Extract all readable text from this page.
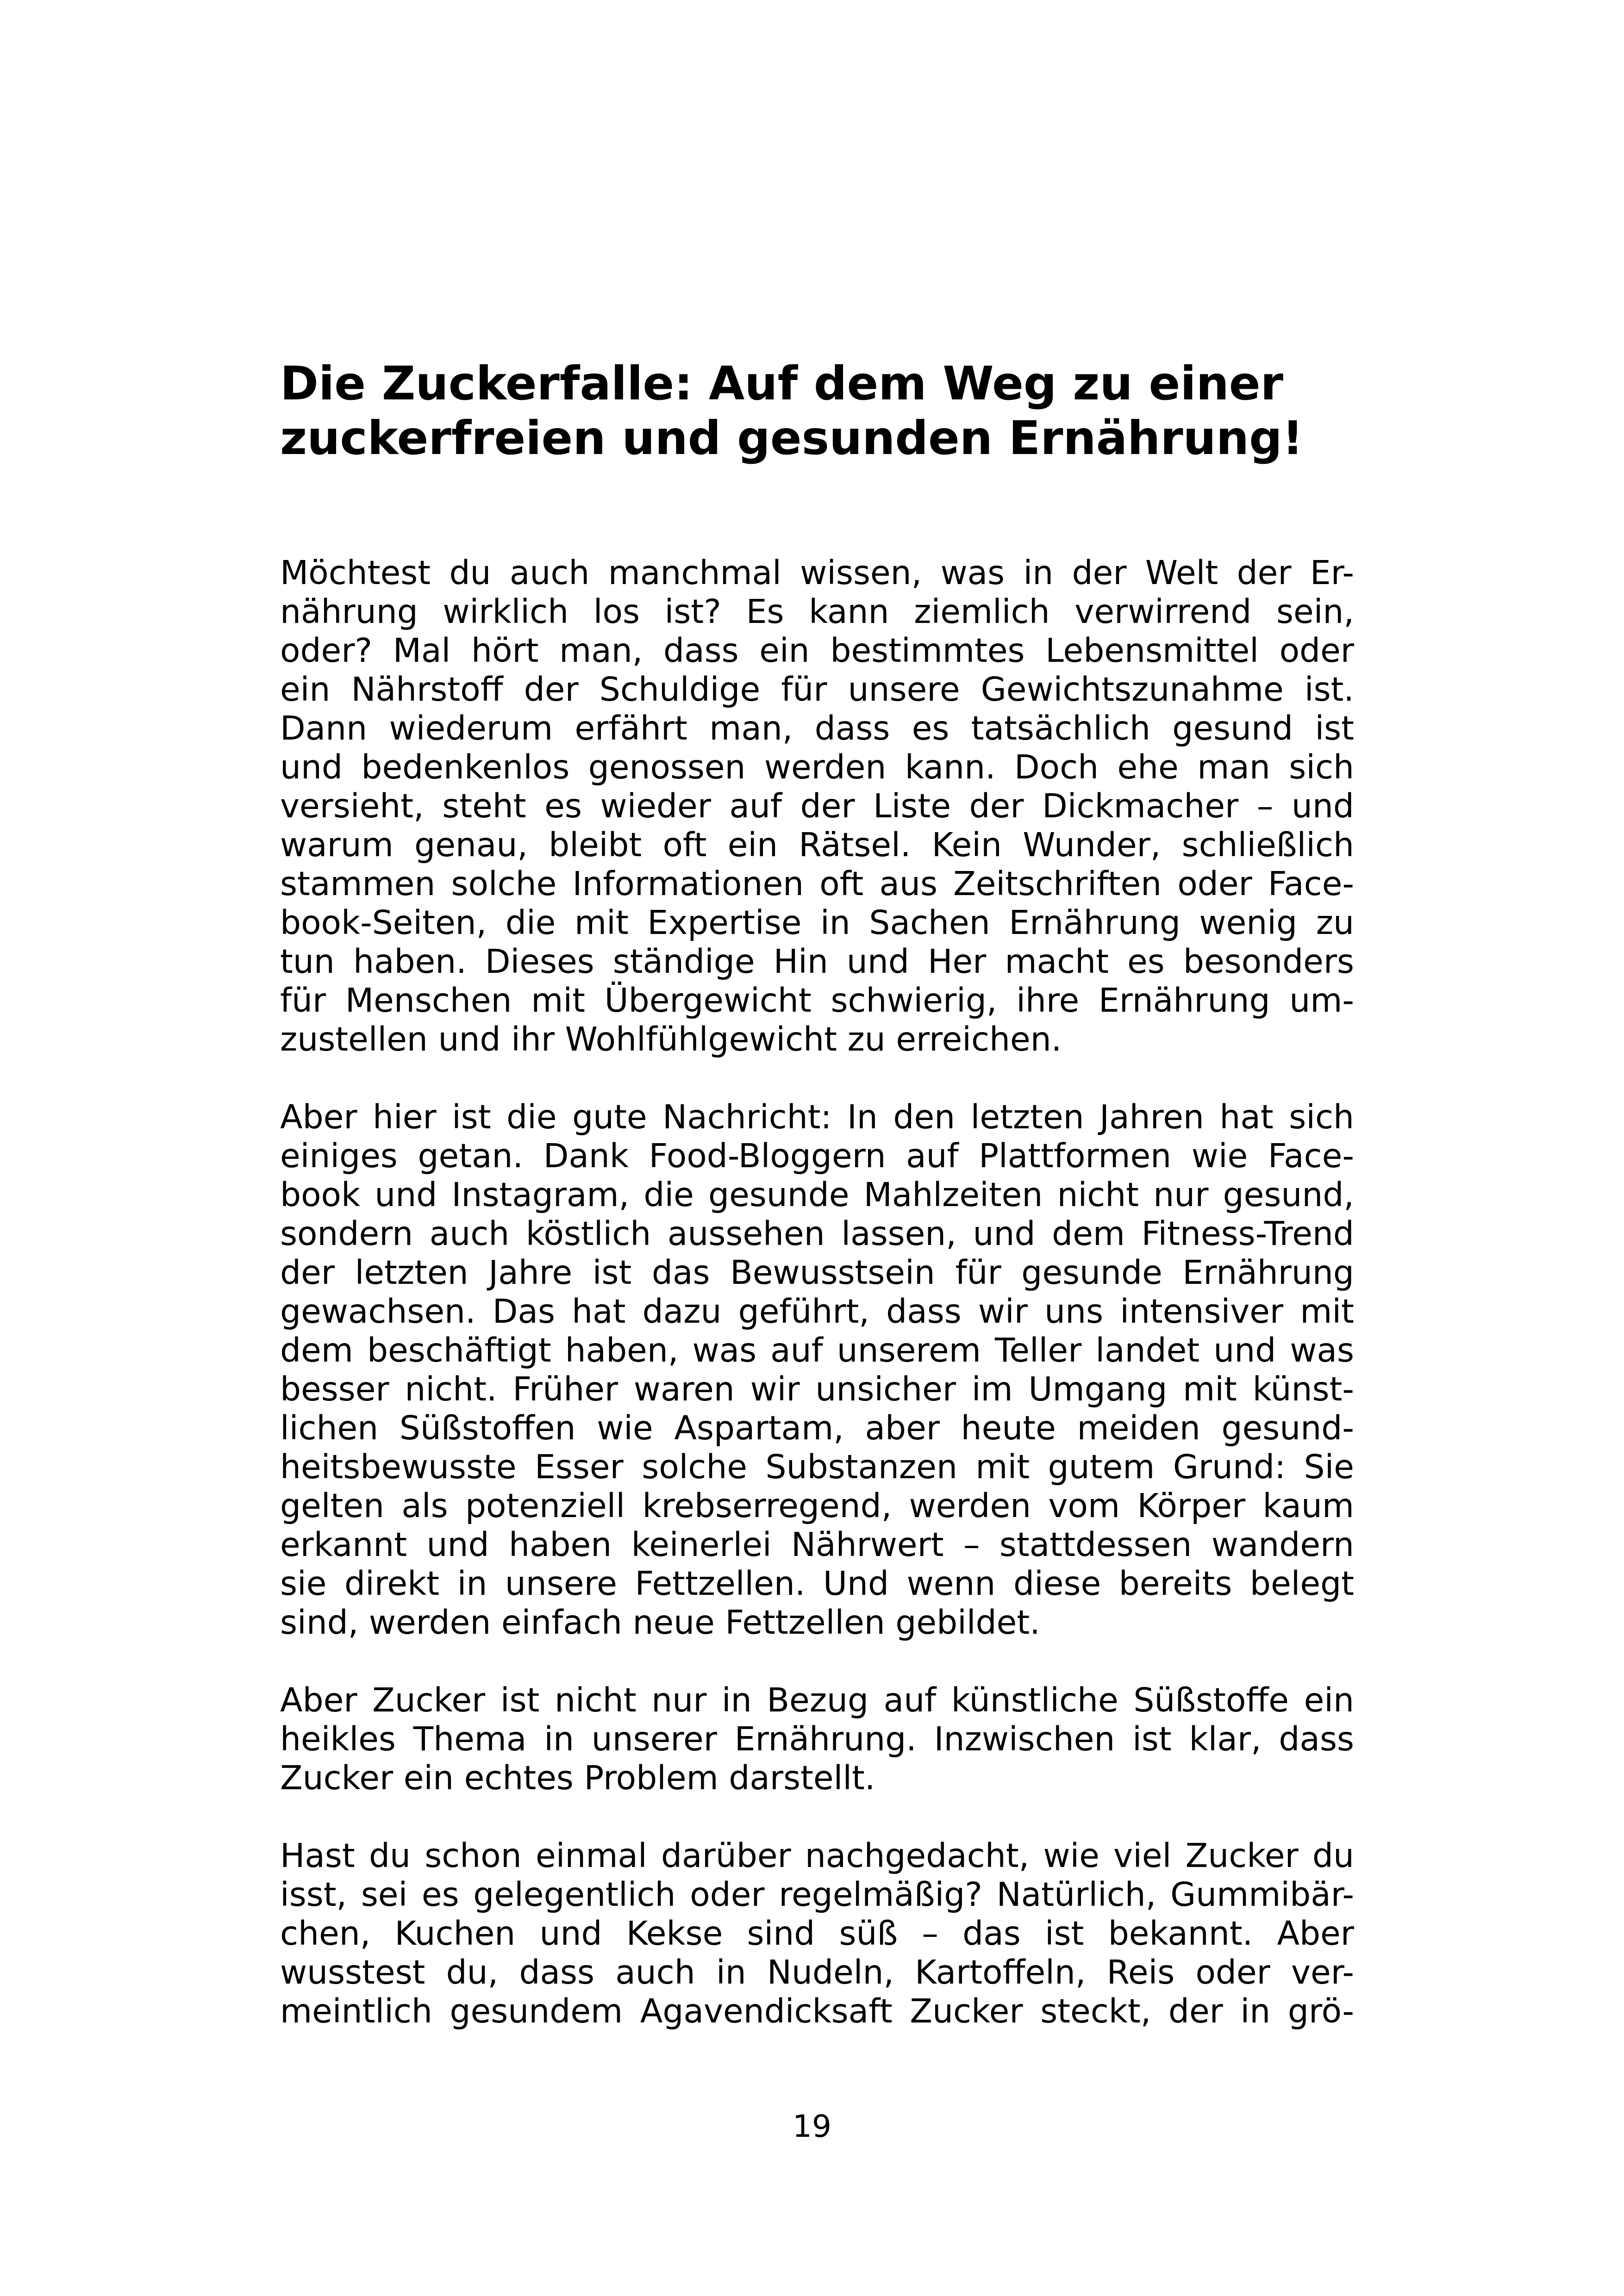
Die Zuckerfalle: Auf dem Weg zu einer
zuckerfreien und gesunden Ernährung!

Möchtest du auch manchmal wissen, was in der Welt der Er-
nährung wirklich los ist? Es kann ziemlich verwirrend sein,
oder? Mal hört man, dass ein bestimmtes Lebensmittel oder
ein Nährstoff der Schuldige für unsere Gewichtszunahme ist.
Dann wiederum erfährt man, dass es tatsächlich gesund ist
und bedenkenlos genossen werden kann. Doch ehe man sich
versieht, steht es wieder auf der Liste der Dickmacher – und
warum genau, bleibt oft ein Rätsel. Kein Wunder, schließlich
stammen solche Informationen oft aus Zeitschriften oder Face-
book-Seiten, die mit Expertise in Sachen Ernährung wenig zu
tun haben. Dieses ständige Hin und Her macht es besonders
für Menschen mit Übergewicht schwierig, ihre Ernährung um-
zustellen und ihr Wohlfühlgewicht zu erreichen.

Aber hier ist die gute Nachricht: In den letzten Jahren hat sich
einiges getan. Dank Food-Bloggern auf Plattformen wie Face-
book und Instagram, die gesunde Mahlzeiten nicht nur gesund,
sondern auch köstlich aussehen lassen, und dem Fitness-Trend
der letzten Jahre ist das Bewusstsein für gesunde Ernährung
gewachsen. Das hat dazu geführt, dass wir uns intensiver mit
dem beschäftigt haben, was auf unserem Teller landet und was
besser nicht. Früher waren wir unsicher im Umgang mit künst-
lichen Süßstoffen wie Aspartam, aber heute meiden gesund-
heitsbewusste Esser solche Substanzen mit gutem Grund: Sie
gelten als potenziell krebserregend, werden vom Körper kaum
erkannt und haben keinerlei Nährwert – stattdessen wandern
sie direkt in unsere Fettzellen. Und wenn diese bereits belegt
sind, werden einfach neue Fettzellen gebildet.

Aber Zucker ist nicht nur in Bezug auf künstliche Süßstoffe ein
heikles Thema in unserer Ernährung. Inzwischen ist klar, dass
Zucker ein echtes Problem darstellt.

Hast du schon einmal darüber nachgedacht, wie viel Zucker du
isst, sei es gelegentlich oder regelmäßig? Natürlich, Gummibär-
chen, Kuchen und Kekse sind süß – das ist bekannt. Aber
wusstest du, dass auch in Nudeln, Kartoffeln, Reis oder ver-
meintlich gesundem Agavendicksaft Zucker steckt, der in grö-

19
